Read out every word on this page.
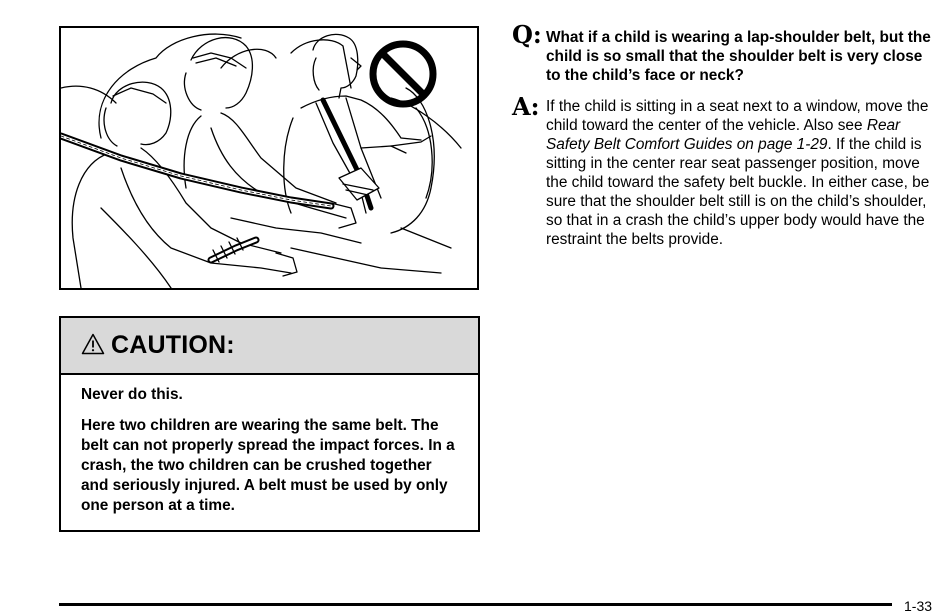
CAUTION:

Never do this.

Here two children are wearing the same belt. The belt can not properly spread the impact forces. In a crash, the two children can be crushed together and seriously injured. A belt must be used by only one person at a time.

Q: What if a child is wearing a lap-shoulder belt, but the child is so small that the shoulder belt is very close to the child’s face or neck?
A: If the child is sitting in a seat next to a window, move the child toward the center of the vehicle. Also see Rear Safety Belt Comfort Guides on page 1-29. If the child is sitting in the center rear seat passenger position, move the child toward the safety belt buckle. In either case, be sure that the shoulder belt still is on the child’s shoulder, so that in a crash the child’s upper body would have the restraint the belts provide.
1-33
